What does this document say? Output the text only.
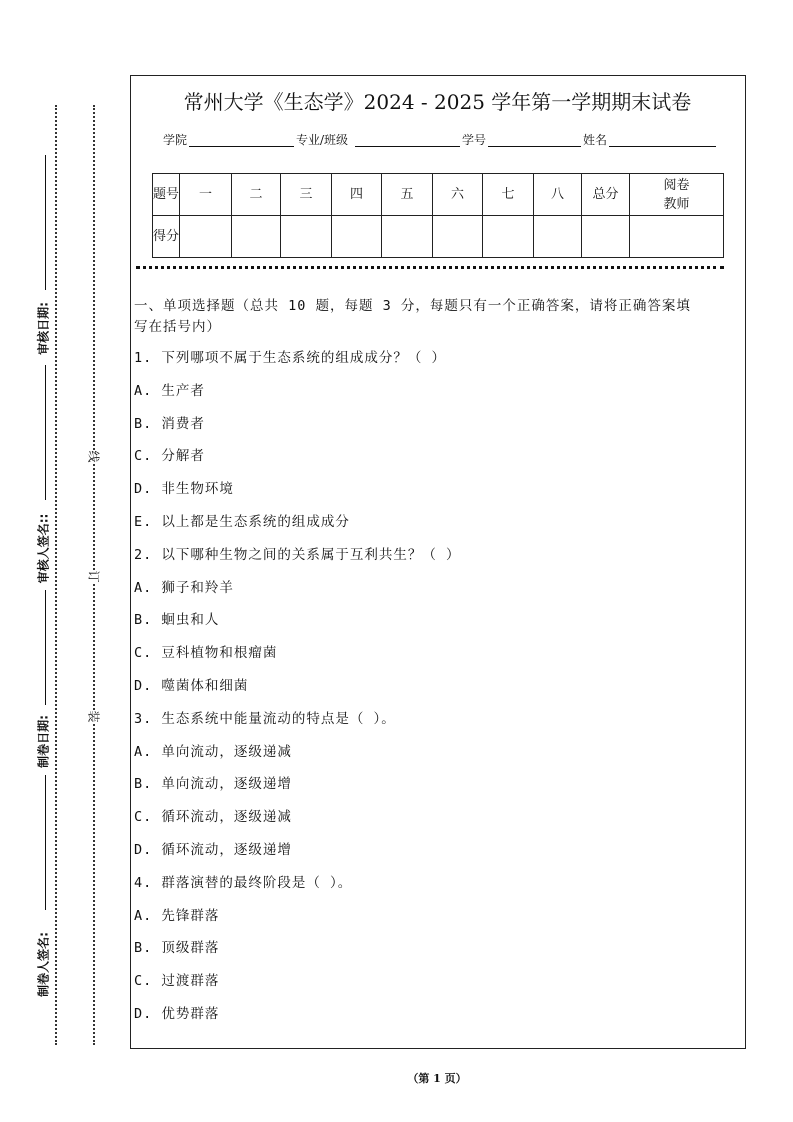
审核日期:
审核人签名::
制卷日期:
制卷人签名:
线
订
装
常州大学《生态学》2024 - 2025 学年第一学期期末试卷
学院	专业/班级	学号	姓名
题号	一	二	三	四	五	六	七	八	总分	阅卷教师
得分										
一、单项选择题（总共 10 题，每题 3 分，每题只有一个正确答案，请将正确答案填
写在括号内）
1. 下列哪项不属于生态系统的组成成分？（ ）
A. 生产者
B. 消费者
C. 分解者
D. 非生物环境
E. 以上都是生态系统的组成成分
2. 以下哪种生物之间的关系属于互利共生？（ ）
A. 狮子和羚羊
B. 蛔虫和人
C. 豆科植物和根瘤菌
D. 噬菌体和细菌
3. 生态系统中能量流动的特点是（ ）。
A. 单向流动，逐级递减
B. 单向流动，逐级递增
C. 循环流动，逐级递减
D. 循环流动，逐级递增
4. 群落演替的最终阶段是（ ）。
A. 先锋群落
B. 顶级群落
C. 过渡群落
D. 优势群落
（第 1 页）
